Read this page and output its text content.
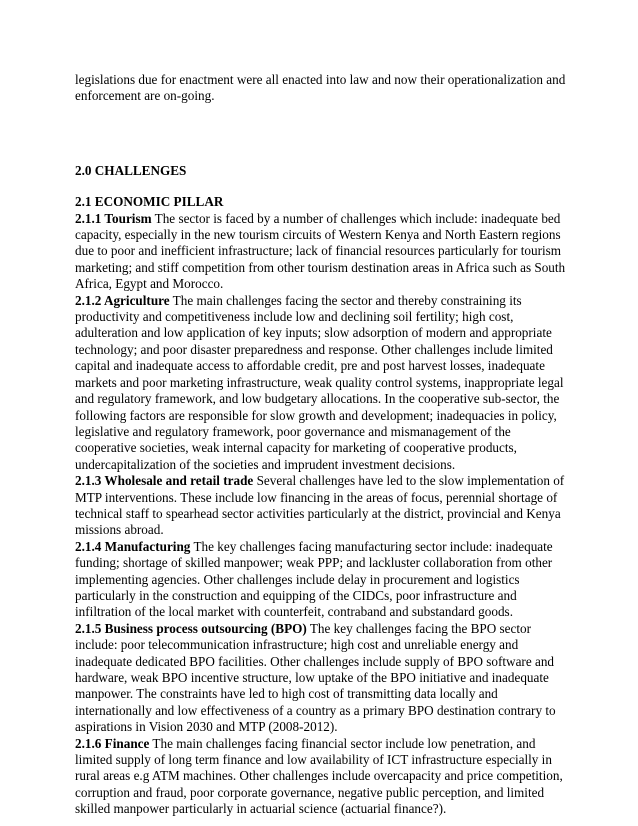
legislations due for enactment were all enacted into law and now their operationalization and enforcement are on-going.

2.0 CHALLENGES

2.1 ECONOMIC PILLAR

2.1.1 Tourism The sector is faced by a number of challenges which include: inadequate bed capacity, especially in the new tourism circuits of Western Kenya and North Eastern regions due to poor and inefficient infrastructure; lack of financial resources particularly for tourism marketing; and stiff competition from other tourism destination areas in Africa such as South Africa, Egypt and Morocco.

2.1.2 Agriculture The main challenges facing the sector and thereby constraining its productivity and competitiveness include low and declining soil fertility; high cost, adulteration and low application of key inputs; slow adsorption of modern and appropriate technology; and poor disaster preparedness and response. Other challenges include limited capital and inadequate access to affordable credit, pre and post harvest losses, inadequate markets and poor marketing infrastructure, weak quality control systems, inappropriate legal and regulatory framework, and low budgetary allocations. In the cooperative sub-sector, the following factors are responsible for slow growth and development; inadequacies in policy, legislative and regulatory framework, poor governance and mismanagement of the cooperative societies, weak internal capacity for marketing of cooperative products, undercapitalization of the societies and imprudent investment decisions.

2.1.3 Wholesale and retail trade Several challenges have led to the slow implementation of MTP interventions. These include low financing in the areas of focus, perennial shortage of technical staff to spearhead sector activities particularly at the district, provincial and Kenya missions abroad.

2.1.4 Manufacturing The key challenges facing manufacturing sector include: inadequate funding; shortage of skilled manpower; weak PPP; and lackluster collaboration from other implementing agencies. Other challenges include delay in procurement and logistics particularly in the construction and equipping of the CIDCs, poor infrastructure and infiltration of the local market with counterfeit, contraband and substandard goods.

2.1.5 Business process outsourcing (BPO) The key challenges facing the BPO sector include: poor telecommunication infrastructure; high cost and unreliable energy and inadequate dedicated BPO facilities. Other challenges include supply of BPO software and hardware, weak BPO incentive structure, low uptake of the BPO initiative and inadequate manpower. The constraints have led to high cost of transmitting data locally and internationally and low effectiveness of a country as a primary BPO destination contrary to aspirations in Vision 2030 and MTP (2008-2012).

2.1.6 Finance The main challenges facing financial sector include low penetration, and limited supply of long term finance and low availability of ICT infrastructure especially in rural areas e.g ATM machines. Other challenges include overcapacity and price competition, corruption and fraud, poor corporate governance, negative public perception, and limited skilled manpower particularly in actuarial science (actuarial finance?).
